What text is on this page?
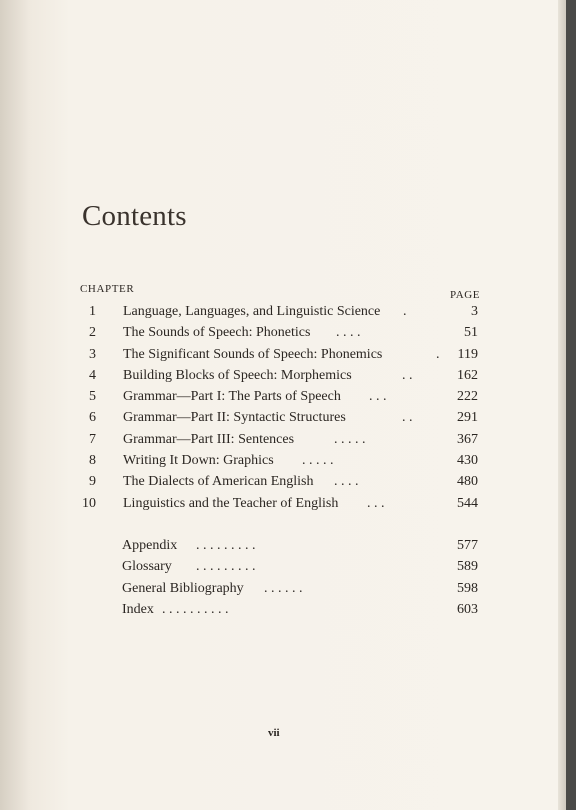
Contents
CHAPTER	PAGE
1 Language, Languages, and Linguistic Science .	3
2 The Sounds of Speech: Phonetics . . . .	51
3 The Significant Sounds of Speech: Phonemics	.	119
4 Building Blocks of Speech: Morphemics	. .	162
5 Grammar—Part I: The Parts of Speech . . .	222
6 Grammar—Part II: Syntactic Structures	. .	291
7 Grammar—Part III: Sentences	. . . . .	367
8 Writing It Down: Graphics . . . . .	430
9 The Dialects of American English . . . .	480
10 Linguistics and the Teacher of English . . .	544
Appendix . . . . . . . . .	577
Glossary . . . . . . . . .	589
General Bibliography . . . . . .	598
Index . . . . . . . . . .	603
vii
